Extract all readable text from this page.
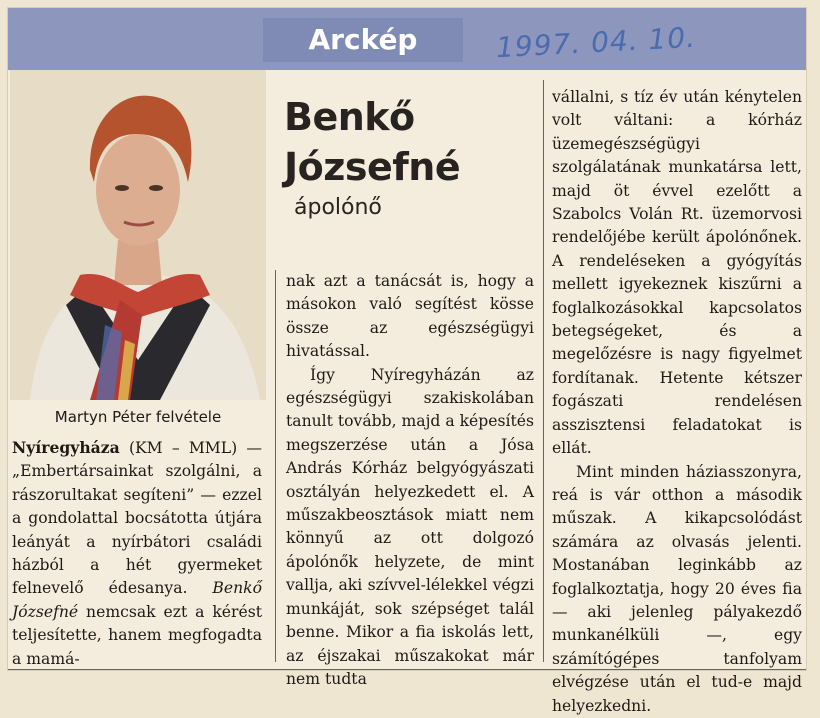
Arckép	1997. 04. 10.
Martyn Péter felvétele
Benkő
Józsefné
ápolónő

Nyíregyháza (KM – MML) — „Embertársainkat szolgálni, a rászorultakat segíteni” — ezzel a gondolattal bocsátotta útjára leányát a nyírbátori családi házból a hét gyermeket felnevelő édesanya. Benkő Józsefné nemcsak ezt a kérést teljesítette, hanem megfogadta a mamá-

nak azt a tanácsát is, hogy a másokon való segítést kösse össze az egészségügyi hivatással.

Így Nyíregyházán az egészségügyi szakiskolában tanult tovább, majd a képesítés megszerzése után a Jósa András Kórház belgyógyászati osztályán helyezkedett el. A műszakbeosztások miatt nem könnyű az ott dolgozó ápolónők helyzete, de mint vallja, aki szívvel-lélekkel végzi munkáját, sok szépséget talál benne. Mikor a fia iskolás lett, az éjszakai műszakokat már nem tudta

vállalni, s tíz év után kénytelen volt váltani: a kórház üzemegészségügyi szolgálatának munkatársa lett, majd öt évvel ezelőtt a Szabolcs Volán Rt. üzemorvosi rendelőjébe került ápolónőnek. A rendeléseken a gyógyítás mellett igyekeznek kiszűrni a foglalkozásokkal kapcsolatos betegségeket, és a megelőzésre is nagy figyelmet fordítanak. Hetente kétszer fogászati rendelésen asszisztensi feladatokat is ellát.

Mint minden háziasszonyra, reá is vár otthon a második műszak. A kikapcsolódást számára az olvasás jelenti. Mostanában leginkább az foglalkoztatja, hogy 20 éves fia — aki jelenleg pályakezdő munkanélküli —, egy számítógépes tanfolyam elvégzése után el tud-e majd helyezkedni.
